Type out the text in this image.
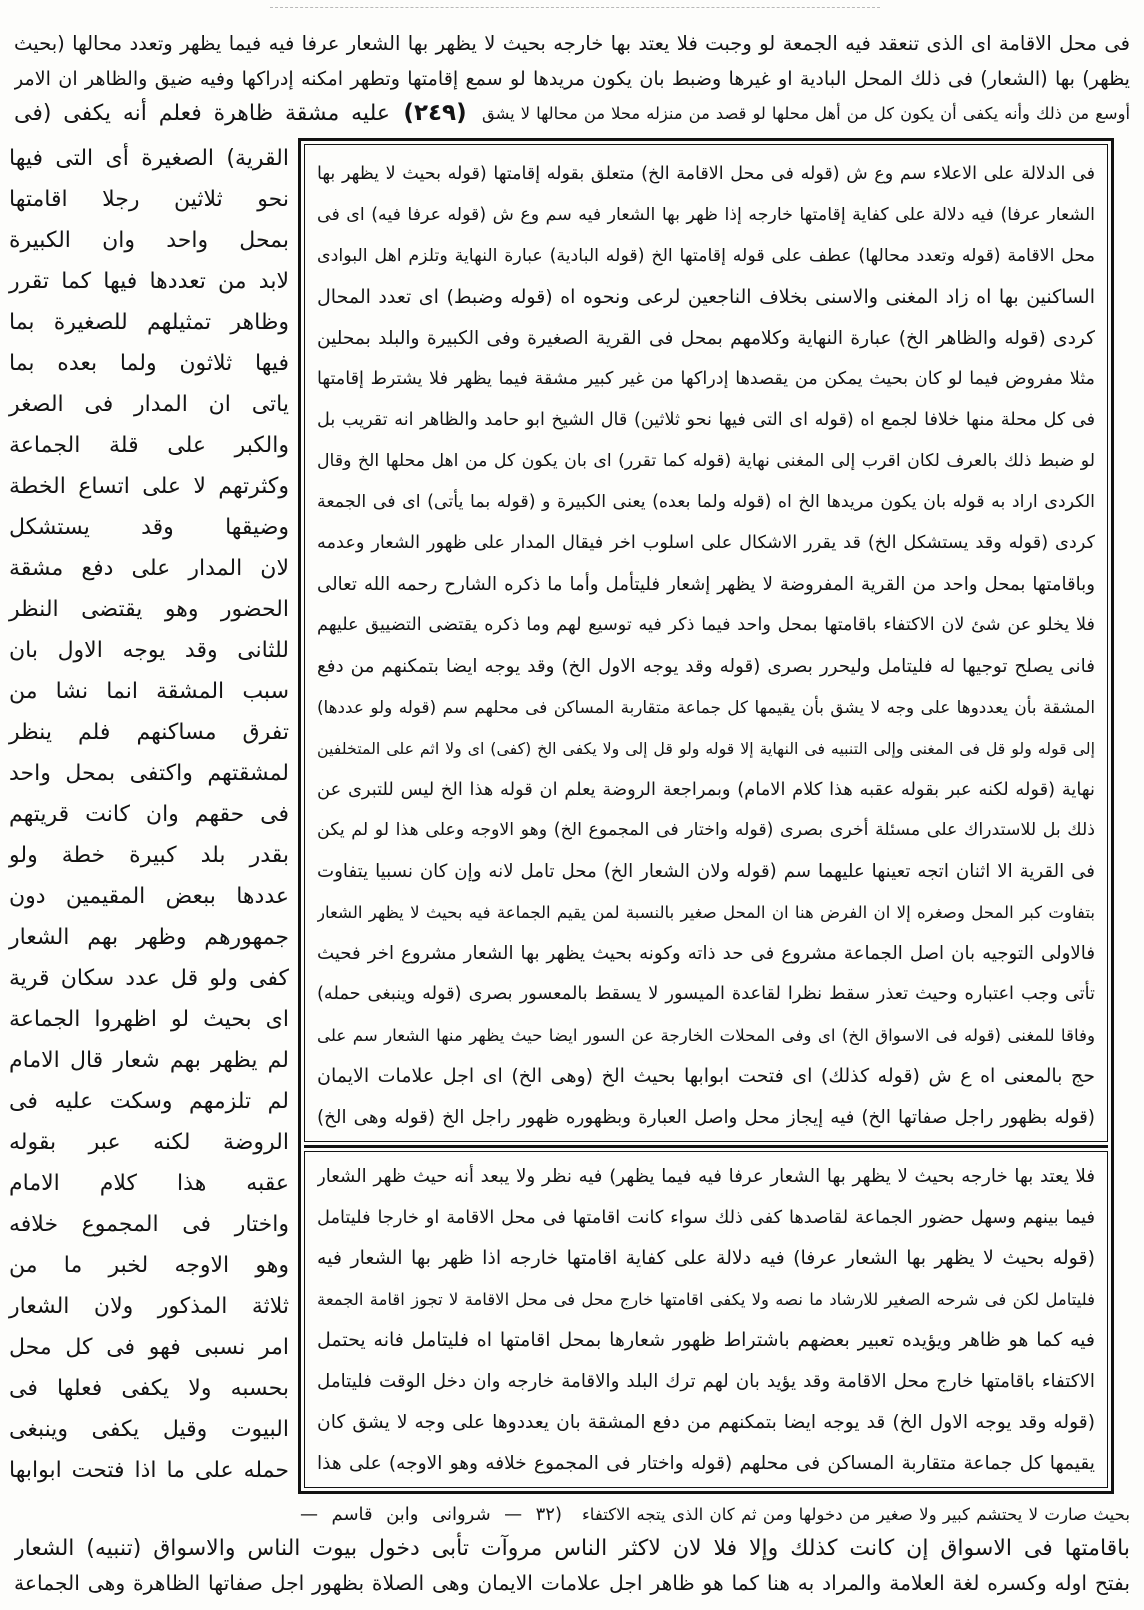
فى محل الاقامة اى الذى تنعقد فيه الجمعة لو وجبت فلا يعتد بها خارجه بحيث لا يظهر بها الشعار عرفا فيه فيما يظهر وتعدد محالها (بحيث
يظهر) بها (الشعار) فى ذلك المحل البادية او غيرها وضبط بان يكون مريدها لو سمع إقامتها وتطهر امكنه إدراكها وفيه ضيق والظاهر ان الامر
أوسع من ذلك وأنه يكفى أن يكون كل من أهل محلها لو قصد من منزله محلا من محالها لا يشق
(٢٤٩)
عليه مشقة ظاهرة فعلم أنه يكفى (فى
القرية) الصغيرة أى التى فيها
نحو ثلاثين رجلا اقامتها
بمحل واحد وان الكبيرة
لابد من تعددها فيها كما تقرر
وظاهر تمثيلهم للصغيرة بما
فيها ثلاثون ولما بعده بما
ياتى ان المدار فى الصغر
والكبر على قلة الجماعة
وكثرتهم لا على اتساع الخطة
وضيقها وقد يستشكل
لان المدار على دفع مشقة
الحضور وهو يقتضى النظر
للثانى وقد يوجه الاول بان
سبب المشقة انما نشا من
تفرق مساكنهم فلم ينظر
لمشقتهم واكتفى بمحل واحد
فى حقهم وان كانت قريتهم
بقدر بلد كبيرة خطة ولو
عددها ببعض المقيمين دون
جمهورهم وظهر بهم الشعار
كفى ولو قل عدد سكان قرية
اى بحيث لو اظهروا الجماعة
لم يظهر بهم شعار قال الامام
لم تلزمهم وسكت عليه فى
الروضة لكنه عبر بقوله
عقبه هذا كلام الامام
واختار فى المجموع خلافه
وهو الاوجه لخبر ما من
ثلاثة المذكور ولان الشعار
امر نسبى فهو فى كل محل
بحسبه ولا يكفى فعلها فى
البيوت وقيل يكفى وينبغى
حمله على ما اذا فتحت ابوابها
فى الدلالة على الاعلاء سم وع ش (قوله فى محل الاقامة الخ) متعلق بقوله إقامتها (قوله بحيث لا يظهر بها
الشعار عرفا) فيه دلالة على كفاية إقامتها خارجه إذا ظهر بها الشعار فيه سم وع ش (قوله عرفا فيه) اى فى
محل الاقامة (قوله وتعدد محالها) عطف على قوله إقامتها الخ (قوله البادية) عبارة النهاية وتلزم اهل البوادى
الساكنين بها اه زاد المغنى والاسنى بخلاف الناجعين لرعى ونحوه اه (قوله وضبط) اى تعدد المحال
كردى (قوله والظاهر الخ) عبارة النهاية وكلامهم بمحل فى القرية الصغيرة وفى الكبيرة والبلد بمحلين
مثلا مفروض فيما لو كان بحيث يمكن من يقصدها إدراكها من غير كبير مشقة فيما يظهر فلا يشترط إقامتها
فى كل محلة منها خلافا لجمع اه (قوله اى التى فيها نحو ثلاثين) قال الشيخ ابو حامد والظاهر انه تقريب بل
لو ضبط ذلك بالعرف لكان اقرب إلى المغنى نهاية (قوله كما تقرر) اى بان يكون كل من اهل محلها الخ وقال
الكردى اراد به قوله بان يكون مريدها الخ اه (قوله ولما بعده) يعنى الكبيرة و (قوله بما يأتى) اى فى الجمعة
كردى (قوله وقد يستشكل الخ) قد يقرر الاشكال على اسلوب اخر فيقال المدار على ظهور الشعار وعدمه
وباقامتها بمحل واحد من القرية المفروضة لا يظهر إشعار فليتأمل وأما ما ذكره الشارح رحمه الله تعالى
فلا يخلو عن شئ لان الاكتفاء باقامتها بمحل واحد فيما ذكر فيه توسيع لهم وما ذكره يقتضى التضييق عليهم
فانى يصلح توجيها له فليتامل وليحرر بصرى (قوله وقد يوجه الاول الخ) وقد يوجه ايضا بتمكنهم من دفع
المشقة بأن يعددوها على وجه لا يشق بأن يقيمها كل جماعة متقاربة المساكن فى محلهم سم (قوله ولو عددها)
إلى قوله ولو قل فى المغنى وإلى التنبيه فى النهاية إلا قوله ولو قل إلى ولا يكفى الخ (كفى) اى ولا اثم على المتخلفين
نهاية (قوله لكنه عبر بقوله عقبه هذا كلام الامام) وبمراجعة الروضة يعلم ان قوله هذا الخ ليس للتبرى عن
ذلك بل للاستدراك على مسئلة أخرى بصرى (قوله واختار فى المجموع الخ) وهو الاوجه وعلى هذا لو لم يكن
فى القرية الا اثنان اتجه تعينها عليهما سم (قوله ولان الشعار الخ) محل تامل لانه وإن كان نسبيا يتفاوت
بتفاوت كبر المحل وصغره إلا ان الفرض هنا ان المحل صغير بالنسبة لمن يقيم الجماعة فيه بحيث لا يظهر الشعار
فالاولى التوجيه بان اصل الجماعة مشروع فى حد ذاته وكونه بحيث يظهر بها الشعار مشروع اخر فحيث
تأتى وجب اعتباره وحيث تعذر سقط نظرا لقاعدة الميسور لا يسقط بالمعسور بصرى (قوله وينبغى حمله)
وفاقا للمغنى (قوله فى الاسواق الخ) اى وفى المحلات الخارجة عن السور ايضا حيث يظهر منها الشعار سم على
حج بالمعنى اه ع ش (قوله كذلك) اى فتحت ابوابها بحيث الخ (وهى الخ) اى اجل علامات الايمان
(قوله بظهور راجل صفاتها الخ) فيه إيجاز محل واصل العبارة وبظهوره ظهور راجل الخ (قوله وهى الخ)
فلا يعتد بها خارجه بحيث لا يظهر بها الشعار عرفا فيه فيما يظهر) فيه نظر ولا يبعد أنه حيث ظهر الشعار
فيما بينهم وسهل حضور الجماعة لقاصدها كفى ذلك سواء كانت اقامتها فى محل الاقامة او خارجا فليتامل
(قوله بحيث لا يظهر بها الشعار عرفا) فيه دلالة على كفاية اقامتها خارجه اذا ظهر بها الشعار فيه
فليتامل لكن فى شرحه الصغير للارشاد ما نصه ولا يكفى اقامتها خارج محل فى محل الاقامة لا تجوز اقامة الجمعة
فيه كما هو ظاهر ويؤيده تعبير بعضهم باشتراط ظهور شعارها بمحل اقامتها اه فليتامل فانه يحتمل
الاكتفاء باقامتها خارج محل الاقامة وقد يؤيد بان لهم ترك البلد والاقامة خارجه وان دخل الوقت فليتامل
(قوله وقد يوجه الاول الخ) قد يوجه ايضا بتمكنهم من دفع المشقة بان يعددوها على وجه لا يشق كان
يقيمها كل جماعة متقاربة المساكن فى محلهم (قوله واختار فى المجموع خلافه وهو الاوجه) على هذا
بحيث صارت لا يحتشم كبير ولا صغير من دخولها ومن ثم كان الذى يتجه الاكتفاء
(٣٢ — شروانى وابن قاسم —
باقامتها فى الاسواق إن كانت كذلك وإلا فلا لان لاكثر الناس مروآت تأبى دخول بيوت الناس والاسواق (تنبيه) الشعار
بفتح اوله وكسره لغة العلامة والمراد به هنا كما هو ظاهر اجل علامات الايمان وهى الصلاة بظهور اجل صفاتها الظاهرة وهى الجماعة
